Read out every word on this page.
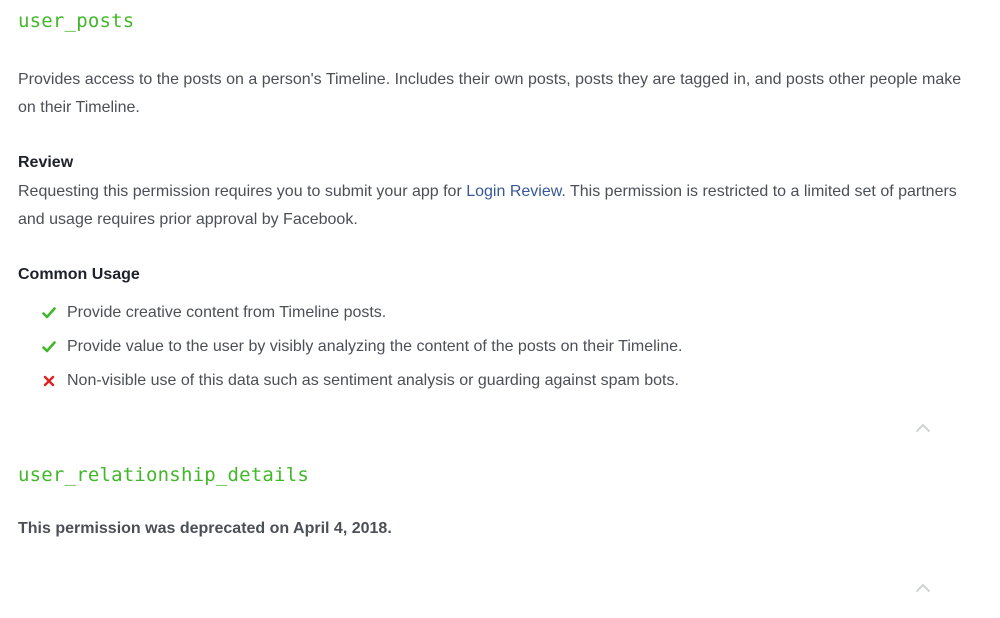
user_posts
Provides access to the posts on a person's Timeline. Includes their own posts, posts they are tagged in, and posts other people make on their Timeline.
Review
Requesting this permission requires you to submit your app for Login Review. This permission is restricted to a limited set of partners and usage requires prior approval by Facebook.
Common Usage
Provide creative content from Timeline posts.
Provide value to the user by visibly analyzing the content of the posts on their Timeline.
Non-visible use of this data such as sentiment analysis or guarding against spam bots.
user_relationship_details
This permission was deprecated on April 4, 2018.
